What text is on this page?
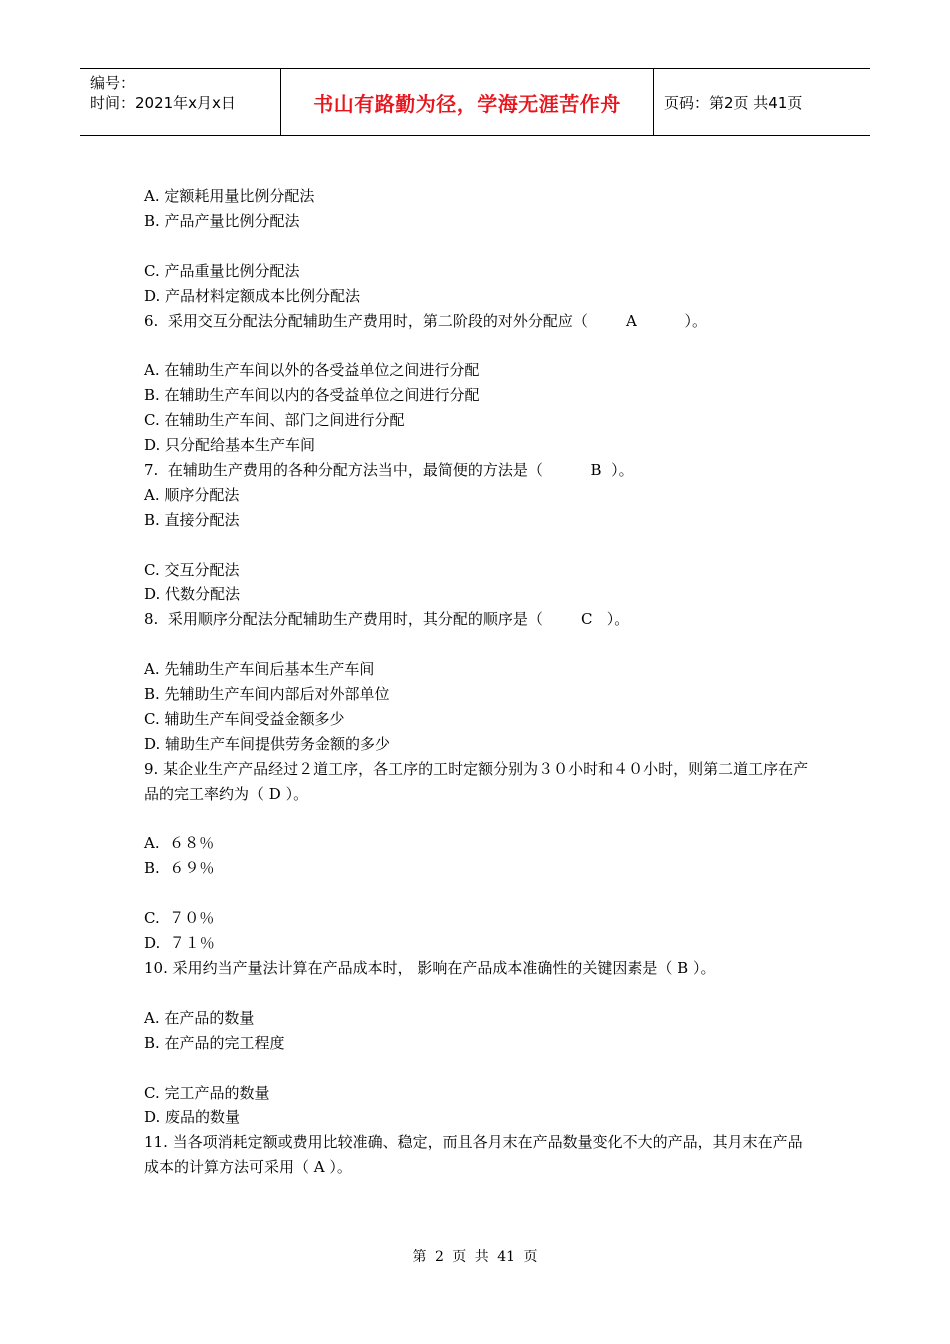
编号：
时间：2021年x月x日	书山有路勤为径，学海无涯苦作舟	页码：第2页 共41页
A. 定额耗用量比例分配法
B. 产品产量比例分配法
C. 产品重量比例分配法
D. 产品材料定额成本比例分配法
6.  采用交互分配法分配辅助生产费用时，第二阶段的对外分配应（        A          ）。
A. 在辅助生产车间以外的各受益单位之间进行分配
B. 在辅助生产车间以内的各受益单位之间进行分配
C. 在辅助生产车间、部门之间进行分配
D. 只分配给基本生产车间
7.  在辅助生产费用的各种分配方法当中，最简便的方法是（          B  ）。
A. 顺序分配法
B. 直接分配法
C. 交互分配法
D. 代数分配法
8.  采用顺序分配法分配辅助生产费用时，其分配的顺序是（        C   ）。
A. 先辅助生产车间后基本生产车间
B. 先辅助生产车间内部后对外部单位
C. 辅助生产车间受益金额多少
D. 辅助生产车间提供劳务金额的多少
9. 某企业生产产品经过２道工序，各工序的工时定额分别为３０小时和４０小时，则第二道工序在产品的完工率约为（ D ）。
A.  ６８％
B.  ６９％
C.  ７０％
D.  ７１％
10. 采用约当产量法计算在产品成本时， 影响在产品成本准确性的关键因素是（ B ）。
A. 在产品的数量
B. 在产品的完工程度
C. 完工产品的数量
D. 废品的数量
11. 当各项消耗定额或费用比较准确、稳定，而且各月末在产品数量变化不大的产品，其月末在产品成本的计算方法可采用（ A ）。
第 2 页 共 41 页
